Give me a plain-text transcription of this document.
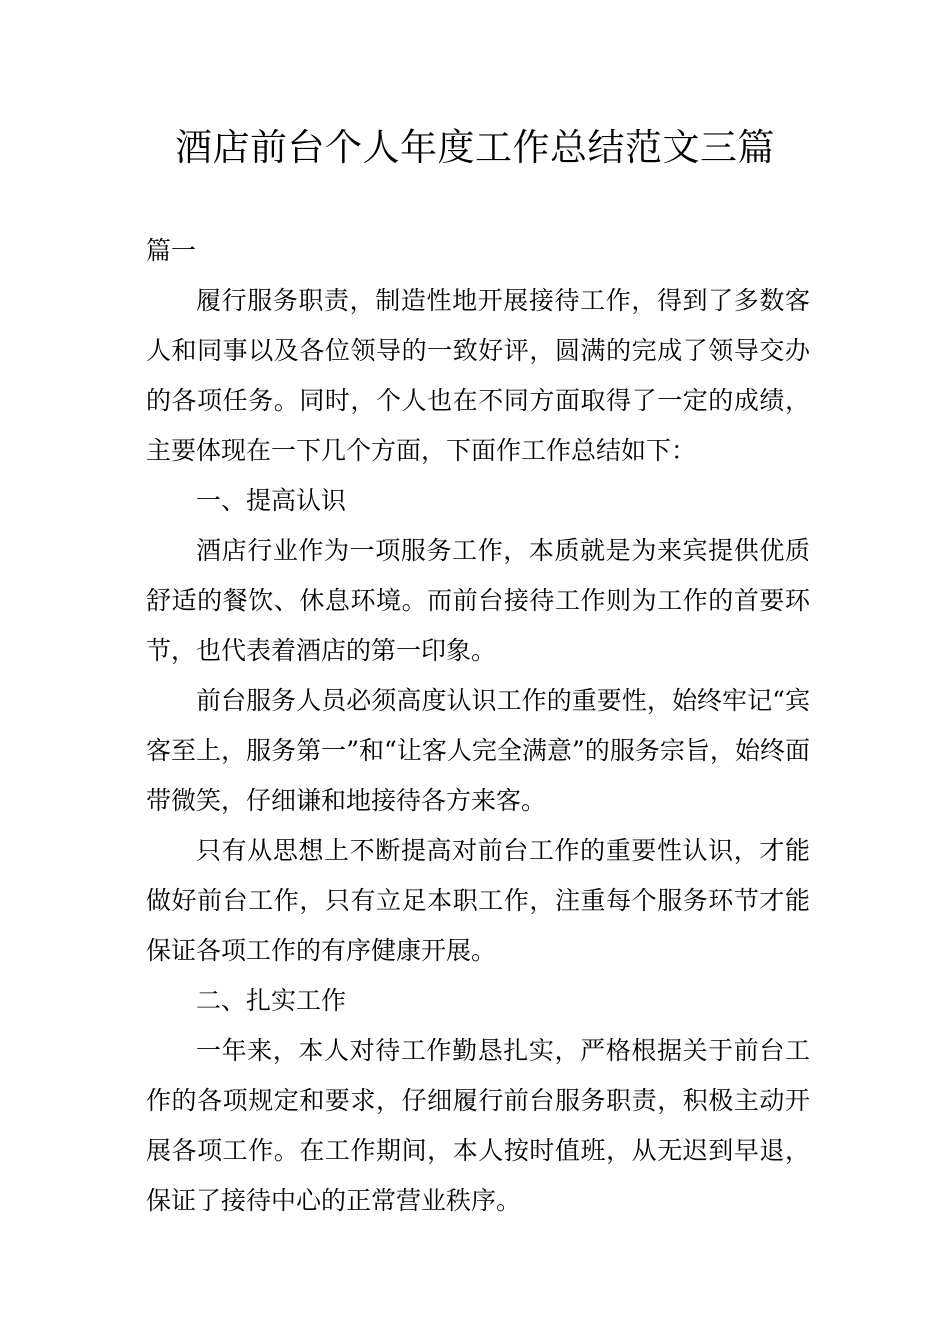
酒店前台个人年度工作总结范文三篇

篇一

履行服务职责，制造性地开展接待工作，得到了多数客人和同事以及各位领导的一致好评，圆满的完成了领导交办的各项任务。同时，个人也在不同方面取得了一定的成绩，主要体现在一下几个方面，下面作工作总结如下：

一、提高认识

酒店行业作为一项服务工作，本质就是为来宾提供优质舒适的餐饮、休息环境。而前台接待工作则为工作的首要环节，也代表着酒店的第一印象。

前台服务人员必须高度认识工作的重要性，始终牢记“宾客至上，服务第一”和“让客人完全满意”的服务宗旨，始终面带微笑，仔细谦和地接待各方来客。

只有从思想上不断提高对前台工作的重要性认识，才能做好前台工作，只有立足本职工作，注重每个服务环节才能保证各项工作的有序健康开展。

二、扎实工作

一年来，本人对待工作勤恳扎实，严格根据关于前台工作的各项规定和要求，仔细履行前台服务职责，积极主动开展各项工作。在工作期间，本人按时值班，从无迟到早退，保证了接待中心的正常营业秩序。
